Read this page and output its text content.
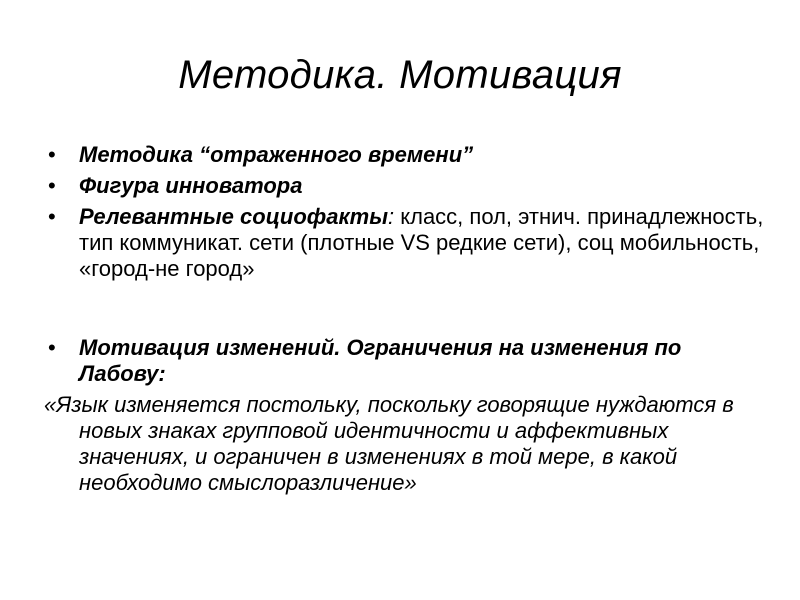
Методика. Мотивация
• Методика “отраженного времени”
• Фигура инноватора
• Релевантные социофакты: класс, пол, этнич. принадлежность, тип коммуникат. сети (плотные VS редкие сети), соц мобильность, «город-не город»
• Мотивация изменений. Ограничения на изменения по Лабову:
«Язык изменяется постольку, поскольку говорящие нуждаются в новых знаках групповой идентичности и аффективных значениях, и ограничен в изменениях в той мере, в какой необходимо смыслоразличение»
